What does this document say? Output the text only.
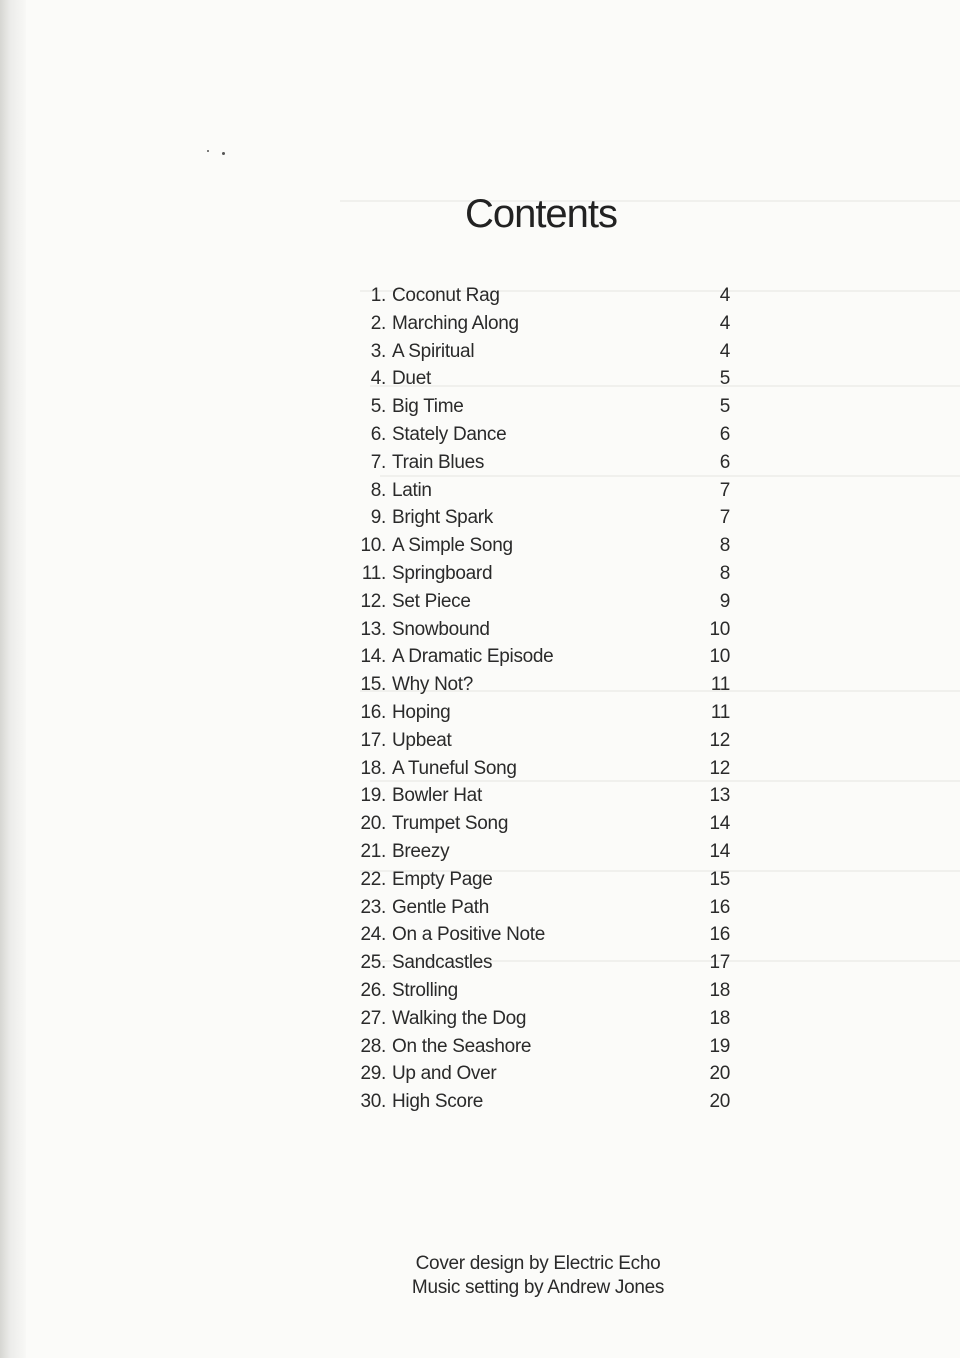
Contents
1. Coconut Rag	4
2. Marching Along	4
3. A Spiritual	4
4. Duet	5
5. Big Time	5
6. Stately Dance	6
7. Train Blues	6
8. Latin	7
9. Bright Spark	7
10. A Simple Song	8
11. Springboard	8
12. Set Piece	9
13. Snowbound	10
14. A Dramatic Episode	10
15. Why Not?	11
16. Hoping	11
17. Upbeat	12
18. A Tuneful Song	12
19. Bowler Hat	13
20. Trumpet Song	14
21. Breezy	14
22. Empty Page	15
23. Gentle Path	16
24. On a Positive Note	16
25. Sandcastles	17
26. Strolling	18
27. Walking the Dog	18
28. On the Seashore	19
29. Up and Over	20
30. High Score	20
Cover design by Electric Echo
Music setting by Andrew Jones
